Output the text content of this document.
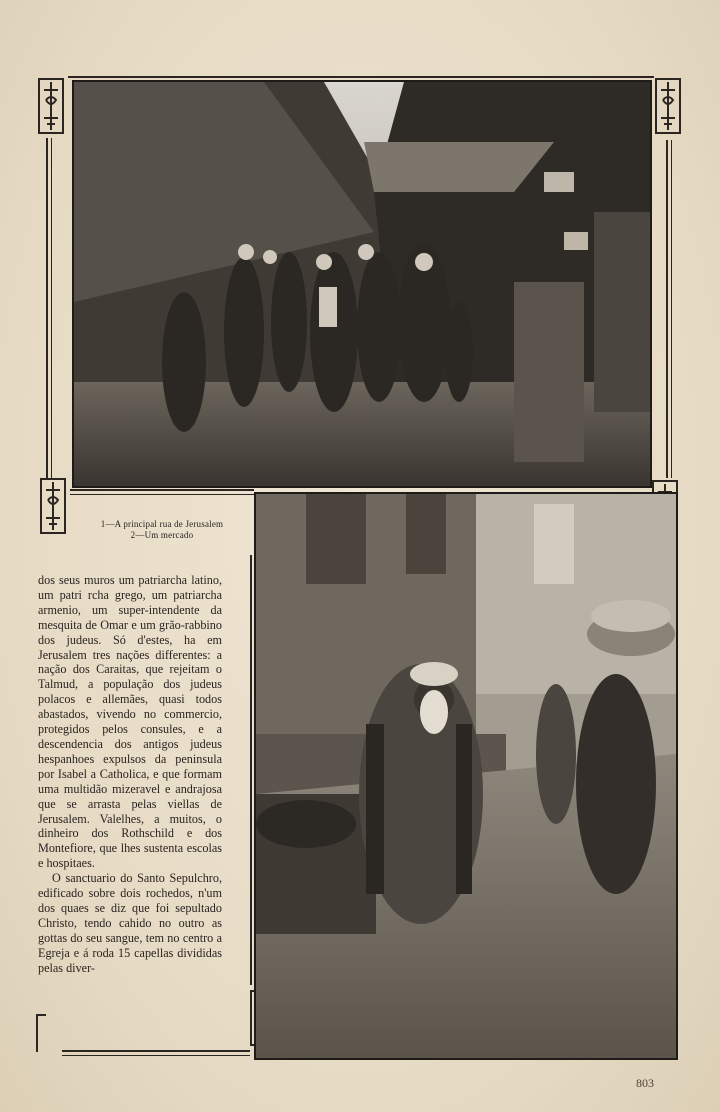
1—A principal rua de Jerusalem
2—Um mercado

dos seus muros um patriarcha latino, um patri rcha grego, um patriarcha armenio, um super-intendente da mesquita de Omar e um grão-rabbino dos judeus. Só d'estes, ha em Jerusalem tres nações differentes: a nação dos Caraitas, que rejeitam o Talmud, a população dos judeus polacos e allemães, quasi todos abastados, vivendo no commercio, protegidos pelos consules, e a descendencia dos antigos judeus hespanhoes expulsos da peninsula por Isabel a Catholica, e que formam uma multidão mizeravel e andrajosa que se arrasta pelas viellas de Jerusalem. Valelhes, a muitos, o dinheiro dos Rothschild e dos Montefiore, que lhes sustenta escolas e hospitaes.

O sanctuario do Santo Sepulchro, edificado sobre dois rochedos, n'um dos quaes se diz que foi sepultado Christo, tendo cahido no outro as gottas do seu sangue, tem no centro a Egreja e á roda 15 capellas divididas pelas diver-

803
